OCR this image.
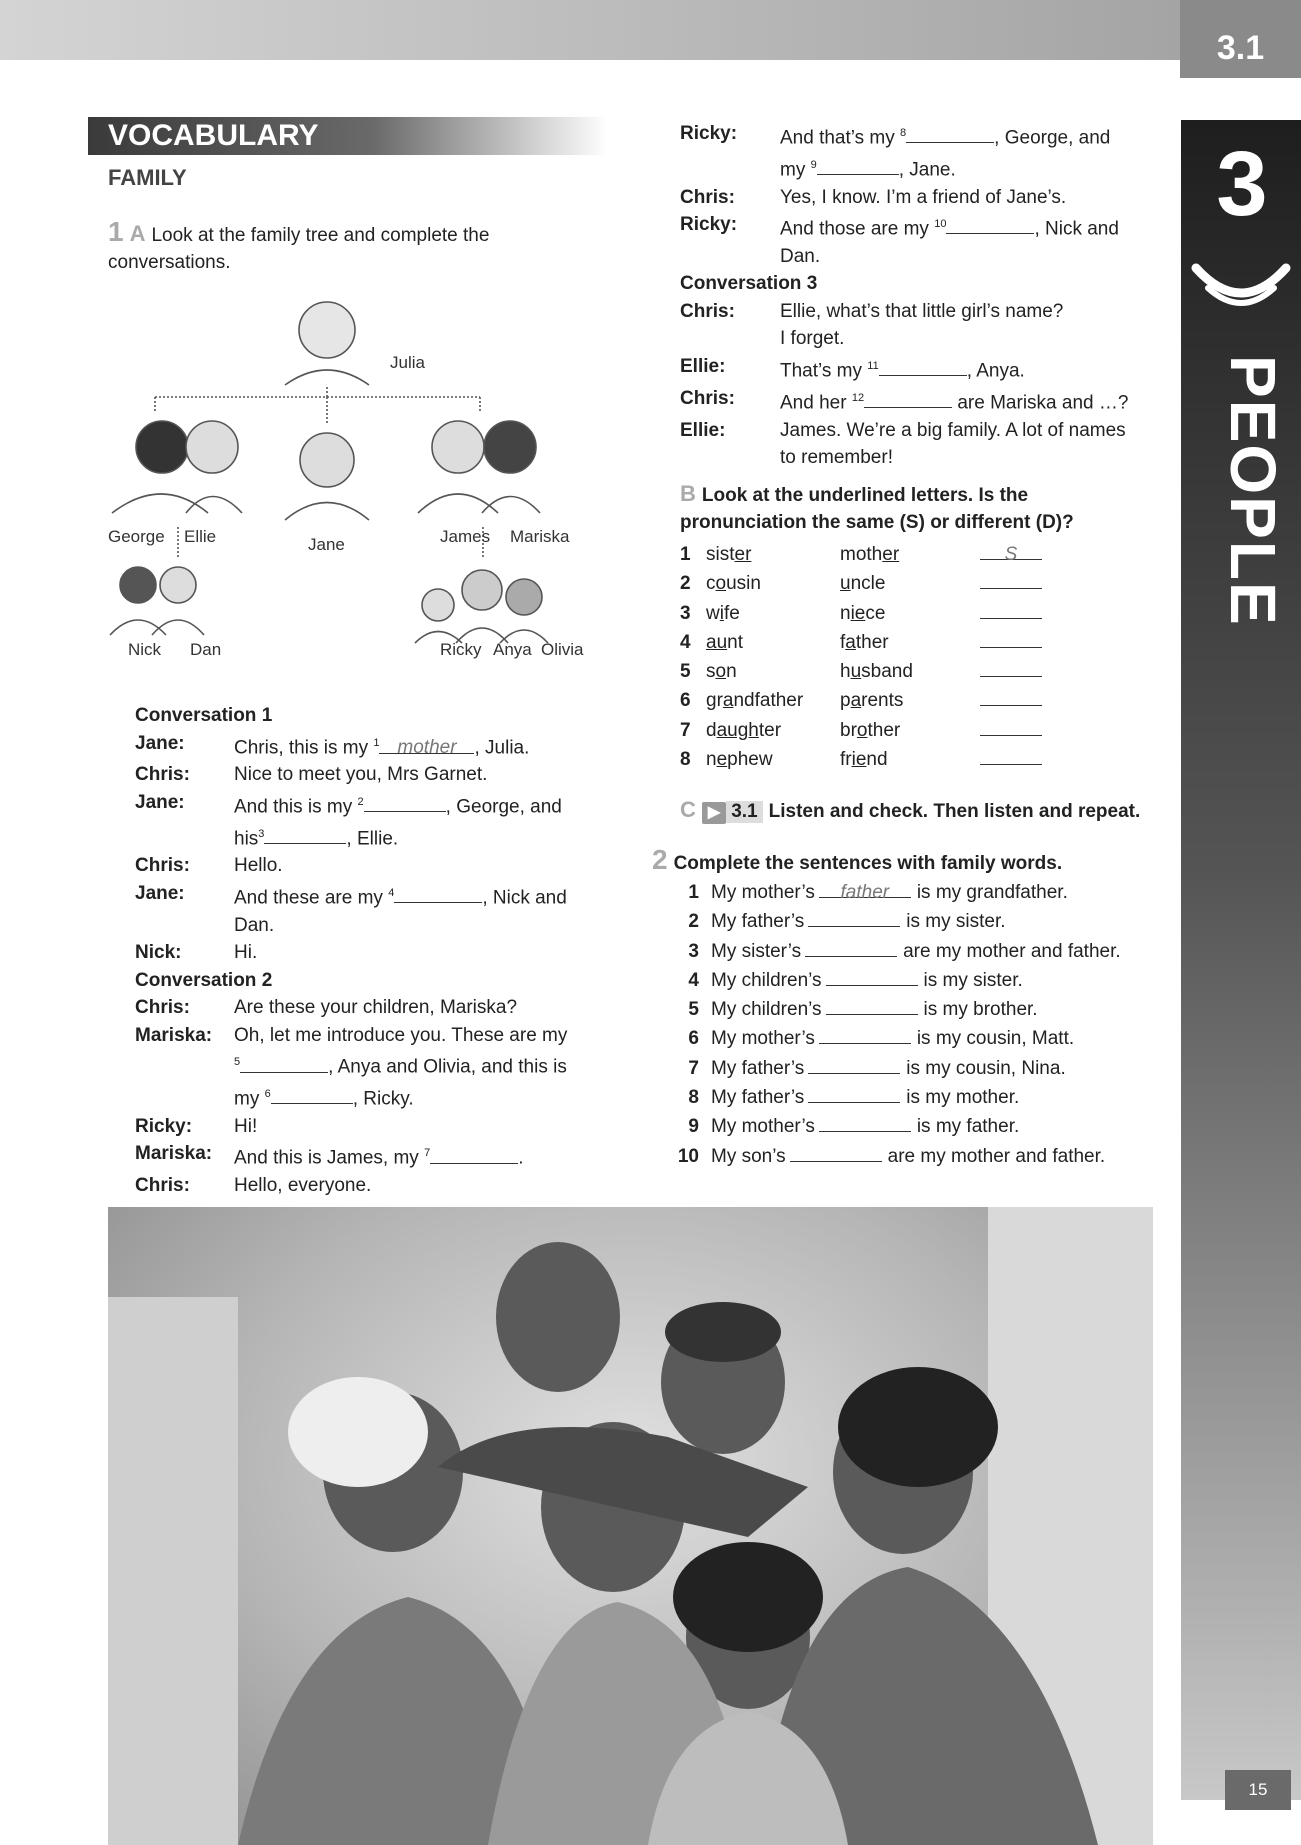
3.1
3
PEOPLE
15
VOCABULARY
FAMILY
1 A Look at the family tree and complete the conversations.
Julia
George Ellie	Jane	James Mariska
Nick Dan	Ricky Anya Olivia
Conversation 1
Jane:	Chris, this is my $^1$ mother , Julia.
Chris:	Nice to meet you, Mrs Garnet.
Jane:	And this is my $^2$	, George, and
his$^3$	, Ellie.
Chris:	Hello.
Jane:	And these are my $^4$	, Nick and
Dan.
Nick:	Hi.
Conversation 2
Chris:	Are these your children, Mariska?
Mariska:	Oh, let me introduce you. These are my
$^5$	, Anya and Olivia, and this is
my $^6$	, Ricky.
Ricky:	Hi!
Mariska:	And this is James, my $^7$	.
Chris:	Hello, everyone.
Ricky:	And that’s my $^8$	, George, and
my $^9$	, Jane.
Chris:	Yes, I know. I’m a friend of Jane’s.
Ricky:	And those are my $^{10}$	, Nick and
Dan.
Conversation 3
Chris:	Ellie, what’s that little girl’s name?
I forget.
Ellie:	That’s my $^{11}$	, Anya.
Chris:	And her $^{12}$	are Mariska and …?
Ellie:	James. We’re a big family. A lot of names
to remember!
B Look at the underlined letters. Is the pronunciation the same (S) or different (D)?
1 sister	mother	S
2 cousin	uncle
3 wife	niece
4 aunt	father
5 son	husband
6 grandfather	parents
7 daughter	brother
8 nephew	friend
C ▶ 3.1 Listen and check. Then listen and repeat.
2 Complete the sentences with family words.
1 My mother’s	father	is my grandfather.
2 My father’s	is my sister.
3 My sister’s	are my mother and father.
4 My children’s	is my sister.
5 My children’s	is my brother.
6 My mother’s	is my cousin, Matt.
7 My father’s	is my cousin, Nina.
8 My father’s	is my mother.
9 My mother’s	is my father.
10 My son’s	are my mother and father.
